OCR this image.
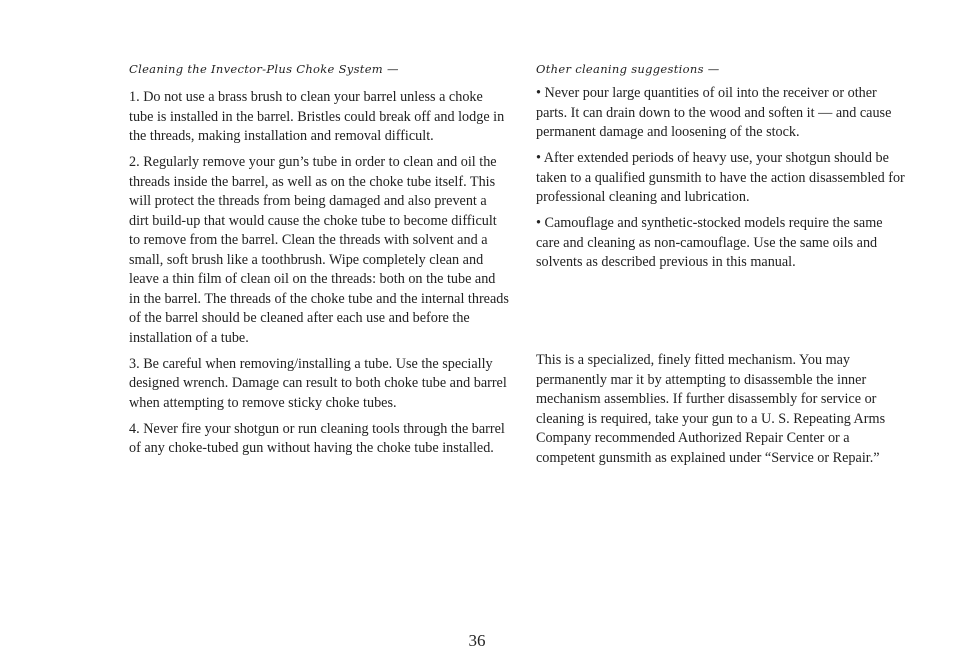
Cleaning the Invector-Plus Choke System —

1. Do not use a brass brush to clean your barrel unless a choke tube is installed in the barrel. Bristles could break off and lodge in the threads, making installation and removal difficult.

2. Regularly remove your gun’s tube in order to clean and oil the threads inside the barrel, as well as on the choke tube itself. This will protect the threads from being damaged and also prevent a dirt build-up that would cause the choke tube to become difficult to remove from the barrel. Clean the threads with solvent and a small, soft brush like a toothbrush. Wipe completely clean and leave a thin film of clean oil on the threads: both on the tube and in the barrel. The threads of the choke tube and the internal threads of the barrel should be cleaned after each use and before the installation of a tube.

3. Be careful when removing/installing a tube. Use the specially designed wrench. Damage can result to both choke tube and barrel when attempting to remove sticky choke tubes.

4. Never fire your shotgun or run cleaning tools through the barrel of any choke-tubed gun without having the choke tube installed.

Other cleaning suggestions —

• Never pour large quantities of oil into the receiver or other parts. It can drain down to the wood and soften it — and cause permanent damage and loosening of the stock.

• After extended periods of heavy use, your shotgun should be taken to a qualified gunsmith to have the action disassembled for professional cleaning and lubrication.

• Camouflage and synthetic-stocked models require the same care and cleaning as non-camouflage. Use the same oils and solvents as described previous in this manual.

This is a specialized, finely fitted mechanism. You may permanently mar it by attempting to disassemble the inner mechanism assemblies. If further disassembly for service or cleaning is required, take your gun to a U. S. Repeating Arms Company recommended Authorized Repair Center or a competent gunsmith as explained under “Service or Repair.”

36
